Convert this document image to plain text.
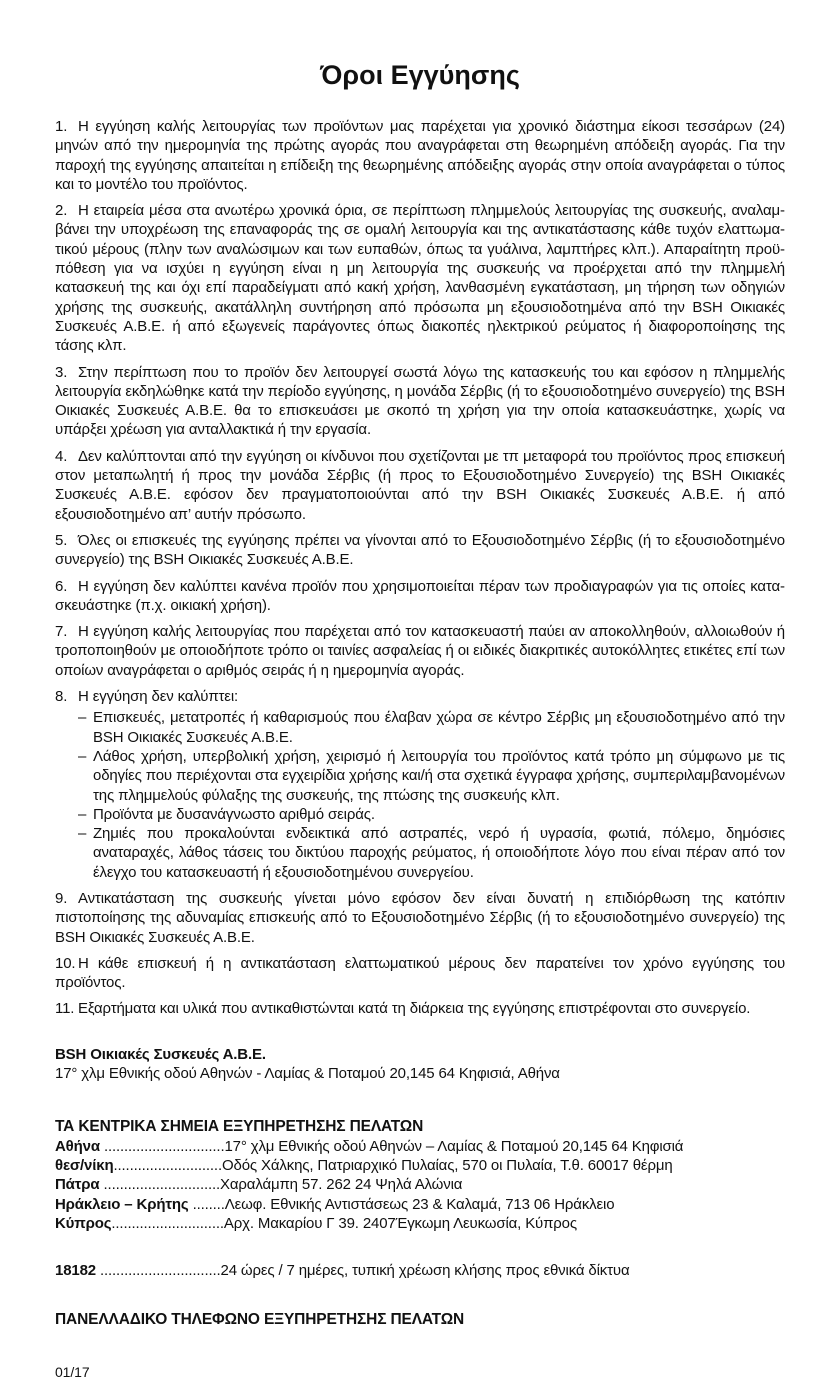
Όροι Εγγύησης

1. Η εγγύηση καλής λειτουργίας των προϊόντων μας παρέχεται για χρονικό διάστημα είκοσι τεσσάρων (24) μηνών από την ημερομηνία της πρώτης αγοράς που αναγράφεται στη θεωρημένη απόδειξη αγοράς. Για την παροχή της εγγύησης απαιτείται η επίδειξη της θεωρημένης απόδειξης αγοράς στην οποία αναγράφεται ο τύπος και το μοντέλο του προϊόντος.

2. Η εταιρεία μέσα στα ανωτέρω χρονικά όρια, σε περίπτωση πλημμελούς λειτουργίας της συσκευής, αναλαμβάνει την υποχρέωση της επαναφοράς της σε ομαλή λειτουργία και της αντικατάστασης κάθε τυχόν ελαττωματικού μέρους (πλην των αναλώσιμων και των ευπαθών, όπως τα γυάλινα, λαμπτήρες κλπ.). Απαραίτητη προϋπόθεση για να ισχύει η εγγύηση είναι η μη λειτουργία της συσκευής να προέρχεται από την πλημμελή κατασκευή της και όχι επί παραδείγματι από κακή χρήση, λανθασμένη εγκατάσταση, μη τήρηση των οδηγιών χρήσης της συσκευής, ακατάλληλη συντήρηση από πρόσωπα μη εξουσιοδοτημένα από την BSH Οικιακές Συσκευές Α.Β.Ε. ή από εξωγενείς παράγοντες όπως διακοπές ηλεκτρικού ρεύματος ή διαφοροποίησης της τάσης κλπ.

3. Στην περίπτωση που το προϊόν δεν λειτουργεί σωστά λόγω της κατασκευής του και εφόσον η πλημμελής λειτουργία εκδηλώθηκε κατά την περίοδο εγγύησης, η μονάδα Σέρβις (ή το εξουσιοδοτημένο συνεργείο) της BSH Οικιακές Συσκευές Α.Β.Ε. θα το επισκευάσει με σκοπό τη χρήση για την οποία κατασκευάστηκε, χωρίς να υπάρξει χρέωση για ανταλλακτικά ή την εργασία.

4. Δεν καλύπτονται από την εγγύηση οι κίνδυνοι που σχετίζονται με τπ μεταφορά του προϊόντος προς επισκευή στον μεταπωλητή ή προς την μονάδα Σέρβις (ή προς το Εξουσιοδοτημένο Συνεργείο) της BSH Οικιακές Συσκευές Α.Β.Ε. εφόσον δεν πραγματοποιούνται από την BSH Οικιακές Συσκευές Α.Β.Ε. ή από εξουσιοδοτημένο απ’ αυτήν πρόσωπο.

5. Όλες οι επισκευές της εγγύησης πρέπει να γίνονται από το Εξουσιοδοτημένο Σέρβις (ή το εξουσιοδοτημένο συνεργείο) της BSH Οικιακές Συσκευές Α.Β.Ε.

6. Η εγγύηση δεν καλύπτει κανένα προϊόν που χρησιμοποιείται πέραν των προδιαγραφών για τις οποίες κατασκευάστηκε (π.χ. οικιακή χρήση).

7. Η εγγύηση καλής λειτουργίας που παρέχεται από τον κατασκευαστή παύει αν αποκολληθούν, αλλοιωθούν ή τροποποιηθούν με οποιοδήποτε τρόπο οι ταινίες ασφαλείας ή οι ειδικές διακριτικές αυτοκόλλητες ετικέτες επί των οποίων αναγράφεται ο αριθμός σειράς ή η ημερομηνία αγοράς.

8. Η εγγύηση δεν καλύπτει:

– Επισκευές, μετατροπές ή καθαρισμούς που έλαβαν χώρα σε κέντρο Σέρβις μη εξουσιοδοτημένο από την BSH Οικιακές Συσκευές Α.Β.Ε.
– Λάθος χρήση, υπερβολική χρήση, χειρισμό ή λειτουργία του προϊόντος κατά τρόπο μη σύμφωνο με τις οδηγίες που περιέχονται στα εγχειρίδια χρήσης και/ή στα σχετικά έγγραφα χρήσης, συμπεριλαμβανομένων της πλημμελούς φύλαξης της συσκευής, της πτώσης της συσκευής κλπ.
– Προϊόντα με δυσανάγνωστο αριθμό σειράς.
– Ζημιές που προκαλούνται ενδεικτικά από αστραπές, νερό ή υγρασία, φωτιά, πόλεμο, δημόσιες αναταραχές, λάθος τάσεις του δικτύου παροχής ρεύματος, ή οποιοδήποτε λόγο που είναι πέραν από τον έλεγχο του κατασκευαστή ή εξουσιοδοτημένου συνεργείου.

9. Αντικατάσταση της συσκευής γίνεται μόνο εφόσον δεν είναι δυνατή η επιδιόρθωση της κατόπιν πιστοποίησης της αδυναμίας επισκευής από το Εξουσιοδοτημένο Σέρβις (ή το εξουσιοδοτημένο συνεργείο) της BSH Οικιακές Συσκευές Α.Β.Ε.

10. Η κάθε επισκευή ή η αντικατάσταση ελαττωματικού μέρους δεν παρατείνει τον χρόνο εγγύησης του προϊόντος.

11. Εξαρτήματα και υλικά που αντικαθιστώνται κατά τη διάρκεια της εγγύησης επιστρέφονται στο συνεργείο.

BSH Οικιακές Συσκευές Α.Β.Ε.
17° χλμ Εθνικής οδού Αθηνών - Λαμίας & Ποταμού 20,145 64 Κηφισιά, Αθήνα

ΤΑ ΚΕΝΤΡΙΚΑ ΣΗΜΕΙΑ ΕΞΥΠΗΡΕΤΗΣΗΣ ΠΕΛΑΤΩΝ

Αθήνα ..............................17° χλμ Εθνικής οδού Αθηνών – Λαμίας & Ποταμού 20,145 64 Κηφισιά
θεσ/νίκη...........................Οδός Χάλκης, Πατριαρχικό Πυλαίας, 570 οι Πυλαία, Τ.θ. 60017 θέρμη
Πάτρα .............................Χαραλάμπη 57. 262 24 Ψηλά Αλώνια
Ηράκλειο – Κρήτης ........Λεωφ. Εθνικής Αντιστάσεως 23 & Καλαμά, 713 06 Ηράκλειο
Κύπρος............................Αρχ. Μακαρίου Γ 39. 2407Έγκωμη Λευκωσία, Κύπρος
18182 ..............................24 ώρες / 7 ημέρες, τυπική χρέωση κλήσης προς εθνικά δίκτυα

ΠΑΝΕΛΛΑΔΙΚΟ ΤΗΛΕΦΩΝΟ ΕΞΥΠΗΡΕΤΗΣΗΣ ΠΕΛΑΤΩΝ

01/17
